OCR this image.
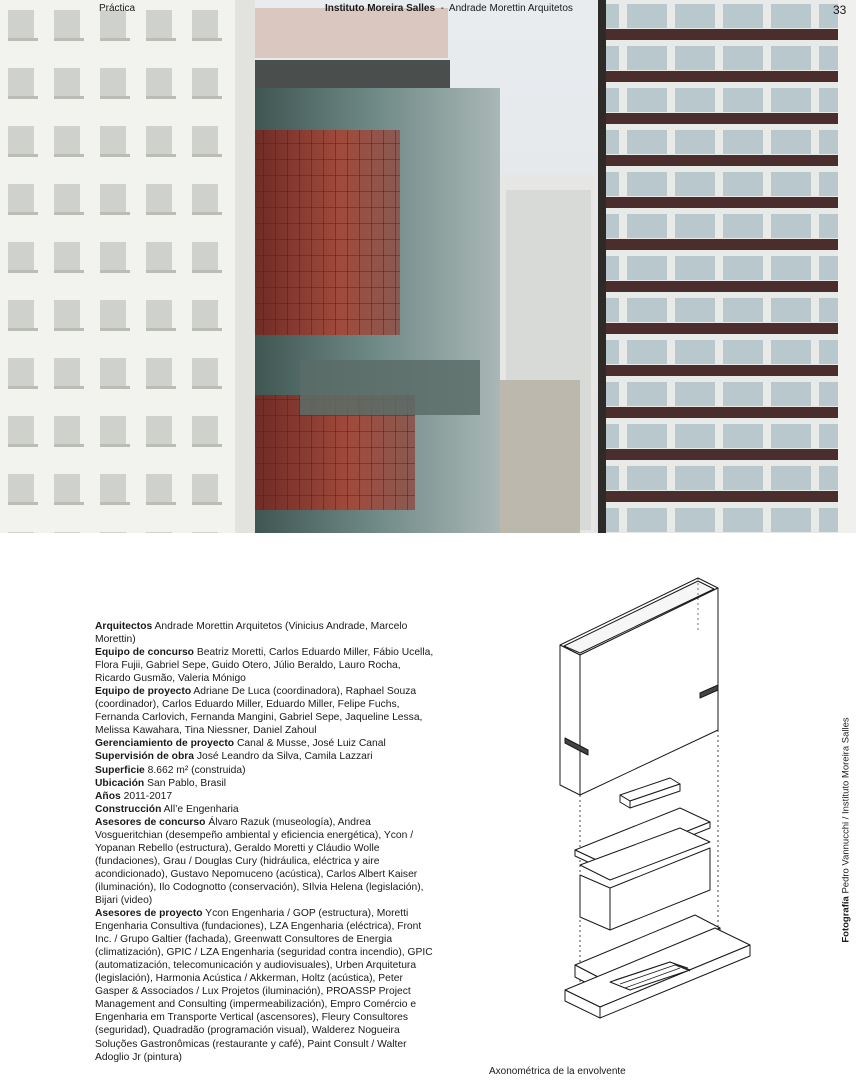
Práctica	Instituto Moreira Salles  -  Andrade Morettin Arquitetos	33

Arquitectos Andrade Morettin Arquitetos (Vinicius Andrade, Marcelo Morettin)

Equipo de concurso Beatriz Moretti, Carlos Eduardo Miller, Fábio Ucella, Flora Fujii, Gabriel Sepe, Guido Otero, Júlio Beraldo, Lauro Rocha, Ricardo Gusmão, Valeria Mónigo

Equipo de proyecto Adriane De Luca (coordinadora), Raphael Souza (coordinador), Carlos Eduardo Miller, Eduardo Miller, Felipe Fuchs, Fernanda Carlovich, Fernanda Mangini, Gabriel Sepe, Jaqueline Lessa, Melissa Kawahara, Tina Niessner, Daniel Zahoul

Gerenciamiento de proyecto Canal & Musse, José Luiz Canal

Supervisión de obra José Leandro da Silva, Camila Lazzari

Superficie 8.662 m² (construida)

Ubicación San Pablo, Brasil

Años 2011-2017

Construcción All’e Engenharia

Asesores de concurso Álvaro Razuk (museología), Andrea Vosgueritchian (desempeño ambiental y eficiencia energética), Ycon / Yopanan Rebello (estructura), Geraldo Moretti y Cláudio Wolle (fundaciones), Grau / Douglas Cury (hidráulica, eléctrica y aire acondicionado), Gustavo Nepomuceno (acústica), Carlos Albert Kaiser (iluminación), Ilo Codognotto (conservación), SIlvia Helena (legislación), Bijari (video)

Asesores de proyecto Ycon Engenharia / GOP (estructura), Moretti Engenharia Consultiva (fundaciones), LZA Engenharia (eléctrica), Front Inc. / Grupo Galtier (fachada), Greenwatt Consultores de Energia (climatización), GPIC / LZA Engenharia (seguridad contra incendio), GPIC (automatización, telecomunicación y audiovisuales), Urben Arquitetura (legislación), Harmonia Acústica / Akkerman, Holtz (acústica), Peter Gasper & Associados / Lux Projetos (iluminación), PROASSP Project Management and Consulting (impermeabilización), Empro Comércio e Engenharia em Transporte Vertical (ascensores), Fleury Consultores (seguridad), Quadradão (programación visual), Walderez Nogueira Soluções Gastronômicas (restaurante y café), Paint Consult / Walter Adoglio Jr (pintura)

Axonométrica de la envolvente
Fotografía Pedro Vannucchi / Instituto Moreira Salles
